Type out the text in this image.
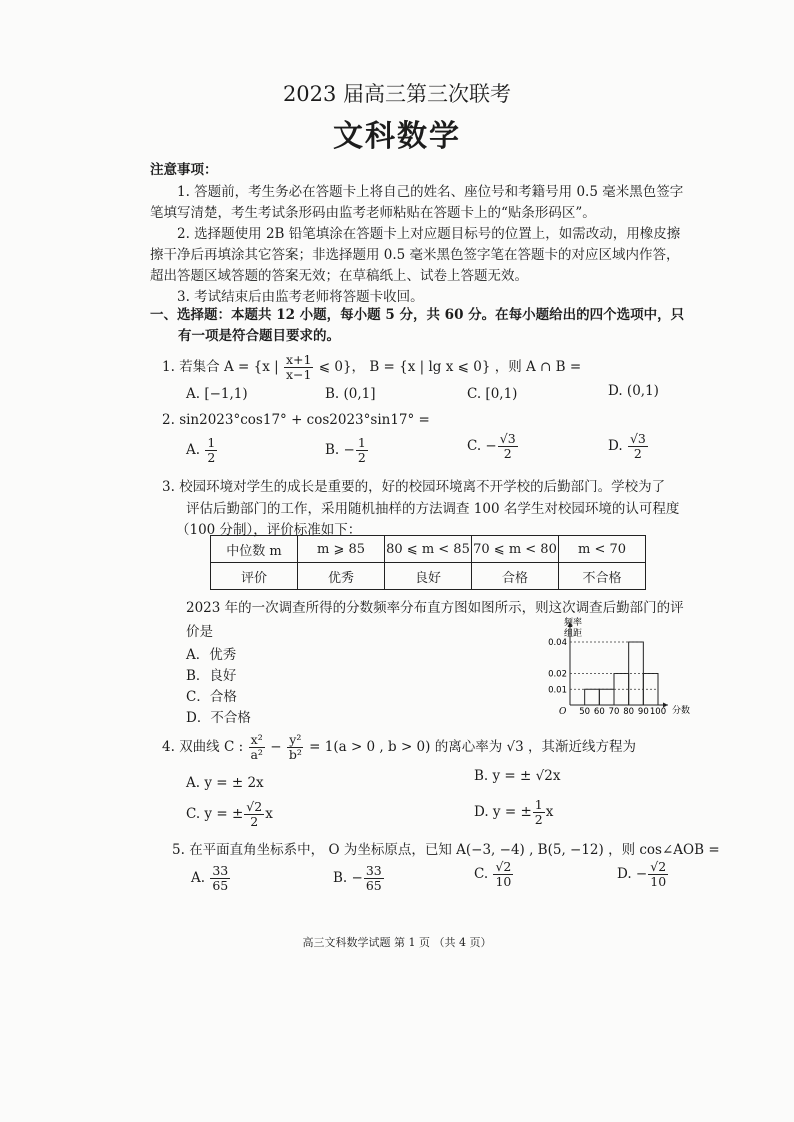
2023 届高三第三次联考
文科数学
注意事项：
1. 答题前，考生务必在答题卡上将自己的姓名、座位号和考籍号用 0.5 毫米黑色签字
笔填写清楚，考生考试条形码由监考老师粘贴在答题卡上的“贴条形码区”。
2. 选择题使用 2B 铅笔填涂在答题卡上对应题目标号的位置上，如需改动，用橡皮擦
擦干净后再填涂其它答案；非选择题用 0.5 毫米黑色签字笔在答题卡的对应区域内作答，
超出答题区域答题的答案无效；在草稿纸上、试卷上答题无效。
3. 考试结束后由监考老师将答题卡收回。
一、选择题：本题共 12 小题，每小题 5 分，共 60 分。在每小题给出的四个选项中，只
有一项是符合题目要求的。
1. 若集合 A = {x | $\frac{x+1}{x-1}$ ⩽ 0}， B = {x | lg x ⩽ 0} ，则 A ∩ B =
A. [−1,1)	B. (0,1]	C. [0,1)	D. (0,1)
2. sin2023°cos17° + cos2023°sin17° =
A. $\frac{1}{2}$	B. − $\frac{1}{2}$	C. − $\frac{√3}{2}$	D. $\frac{√3}{2}$
3. 校园环境对学生的成长是重要的，好的校园环境离不开学校的后勤部门。学校为了
评估后勤部门的工作，采用随机抽样的方法调查 100 名学生对校园环境的认可程度
（100 分制），评价标准如下：
中位数 m	m ⩾ 85	80 ⩽ m < 85	70 ⩽ m < 80	m < 70
评价	优秀	良好	合格	不合格
2023 年的一次调查所得的分数频率分布直方图如图所示，则这次调查后勤部门的评
价是
A．优秀
B．良好
C．合格
D．不合格
0.04
0.02
0.01
50 60 70 80 90 100
频率
组距
O	分数
4. 双曲线 C : $\frac{\text{x²}}{\text{a²}} - \frac{\text{y²}}{\text{b²}} = 1(a > 0$ , b > 0) 的离心率为 √3 ，其渐近线方程为
A. y = ± 2x	B. y = ± √2x
C. y = ± $\frac{√2}{2}$ x	D. y = ± $\frac{1}{2}$ x
5. 在平面直角坐标系中， O 为坐标原点，已知 A(−3, −4) , B(5, −12) ，则 cos∠AOB =
A. $\frac{33}{65}$	B. − $\frac{33}{65}$	C. $\frac{√2}{10}$	D. − $\frac{√2}{10}$
高三文科数学试题 第 1 页 （共 4 页）
